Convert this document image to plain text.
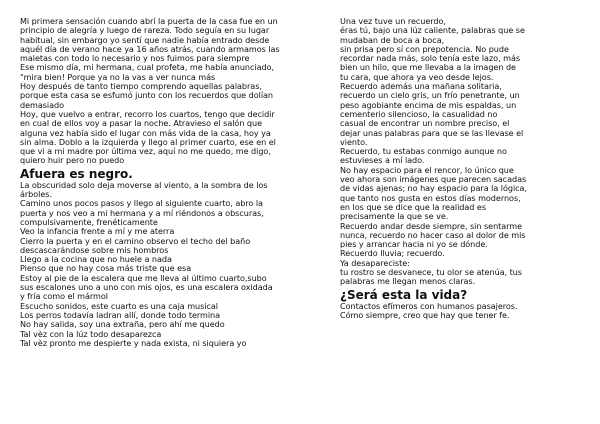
Mi primera sensación cuando abrí la puerta de la casa fue en un
principio de alegría y luego de rareza. Todo seguía en su lugar
habitual, sin embargo yo sentí que nadie había entrado desde
aquél día de verano hace ya 16 años atrás, cuando armamos las
maletas con todo lo necesario y nos fuimos para siempre
Ese mismo día, mi hermana, cual profeta, me había anunciado,
"mira bien! Porque ya no la vas a ver nunca más
Hoy después de tanto tiempo comprendo aquellas palabras,
porque esta casa se esfumó junto con los recuerdos que dolían
demasiado
Hoy, que vuelvo a entrar, recorro los cuartos, tengo que decidir
en cual de ellos voy a pasar la noche. Atravieso el salón que
alguna vez había sido el lugar con más vida de la casa, hoy ya
sin alma. Doblo a la izquierda y llego al primer cuarto, ese en el
que vi a mi madre por última vez, aquí no me quedo, me digo,
quiero huir pero no puedo
Afuera es negro.
La obscuridad solo deja moverse al viento, a la sombra de los
árboles.
Camino unos pocos pasos y llego al siguiente cuarto, abro la
puerta y nos veo a mi hermana y a mí riéndonos a obscuras,
compulsivamente, frenéticamente
Veo la infancia frente a mí y me aterra
Cierro la puerta y en el camino observo el techo del baño
descascarándose sobre mis hombros
Llego a la cocina que no huele a nada
Pienso que no hay cosa más triste que esa
Estoy al pie de la escalera que me lleva al último cuarto,subo
sus escalones uno a uno con mis ojos, es una escalera oxidada
y fría como el mármol
Escucho sonidos, este cuarto es una caja musical
Los perros todavía ladran allí, donde todo termina
No hay salida, soy una extraña, pero ahí me quedo
Tal vèz con la lúz todo desaparezca
Tal vèz pronto me despierte y nada exista, ni siquiera yo
Una vez tuve un recuerdo,
éras tú, bajo una lúz caliente, palabras que se
mudaban de boca a boca,
sin prisa pero sí con prepotencia. No pude
recordar nada más, solo tenía este lazo, más
bien un hilo, que me llevaba a la imagen de
tu cara, que ahora ya veo desde lejos.
Recuerdo además una mañana solitaria,
recuerdo un cielo gris, un frío penetrante, un
peso agobiante encima de mis espaldas, un
cementerio silencioso, la casualidad no
casual de encontrar un nombre preciso, el
dejar unas palabras para que se las llevase el
viento.
Recuerdo, tu estabas conmigo aunque no
estuvieses a mí lado.
No hay espacio para el rencor, lo único que
veo ahora son imágenes que parecen sacadas
de vidas ajenas; no hay espacio para la lógica,
que tanto nos gusta en estos días modernos,
en los que se dice que la realidad es
precisamente la que se ve.
Recuerdo andar desde siempre, sin sentarme
nunca, recuerdo no hacer caso al dolor de mis
pies y arrancar hacia ni yo se dónde.
Recuerdo lluvia; recuerdo.
Ya desapareciste:
tu rostro se desvanece, tu olor se atenúa, tus
palabras me llegan menos claras.
¿Será esta la vida?
Contactos efímeros con humanos pasajeros.
Cómo siempre, creo que hay que tener fe.
